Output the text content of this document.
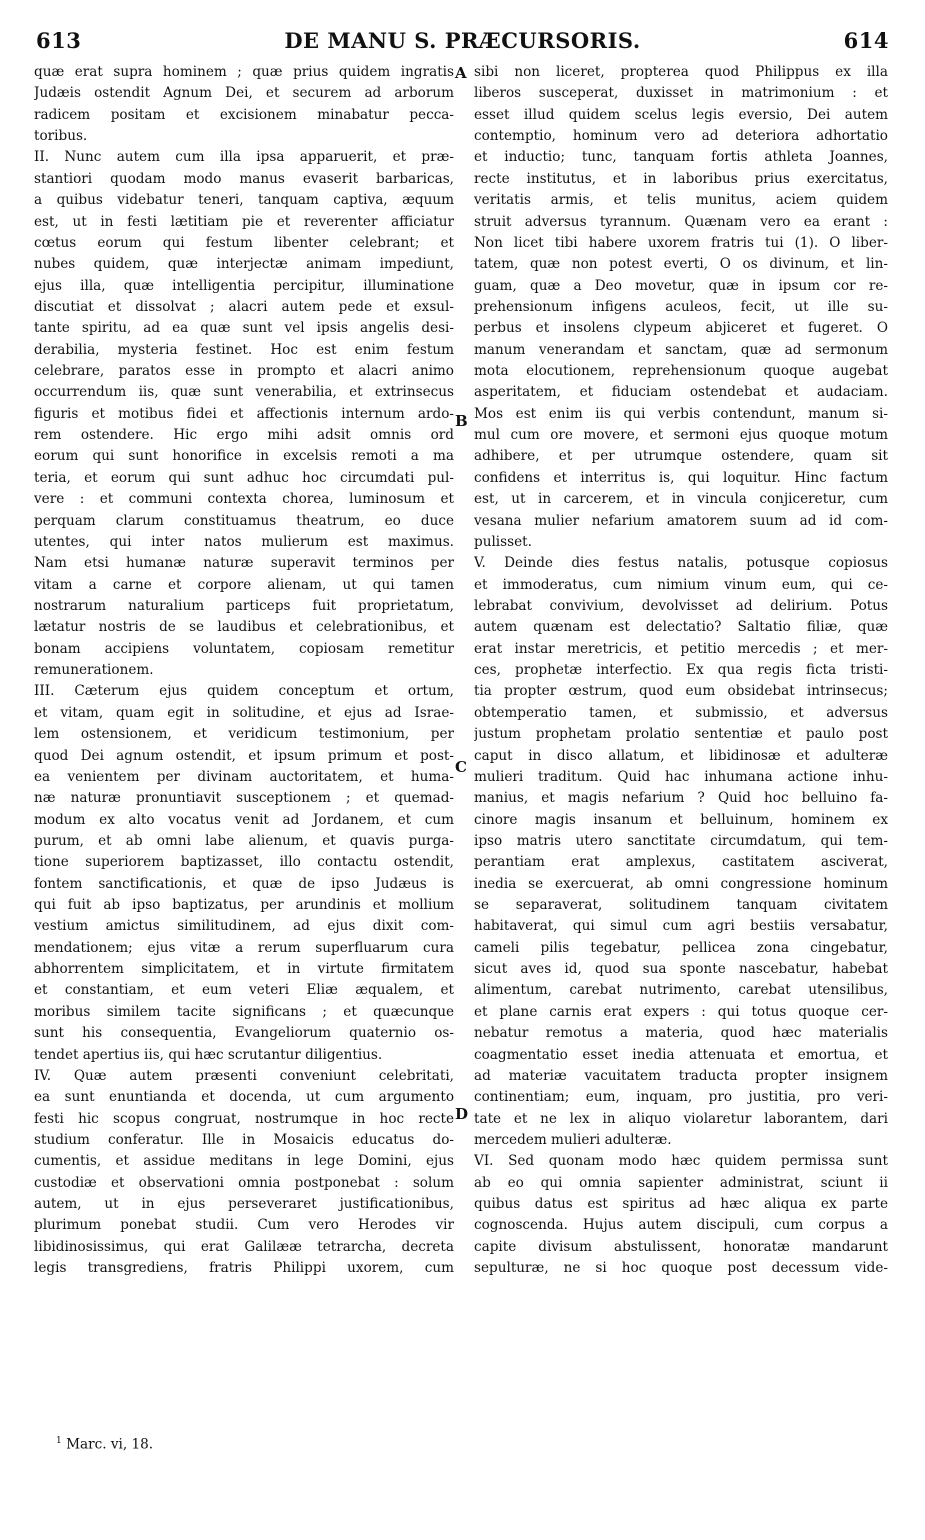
DE MANU S. PRÆCURSORIS.
613	614
quæ erat supra hominem ; quæ prius quidem ingratis
Judæis ostendit Agnum Dei, et securem ad arborum
radicem positam et excisionem minabatur pecca-
toribus.
II. Nunc autem cum illa ipsa apparuerit, et præ-
stantiori quodam modo manus evaserit barbaricas,
a quibus videbatur teneri, tanquam captiva, æquum
est, ut in festi lætitiam pie et reverenter afficiatur
cœtus eorum qui festum libenter celebrant; et
nubes quidem, quæ interjectæ animam impediunt,
ejus illa, quæ intelligentia percipitur, illuminatione
discutiat et dissolvat ; alacri autem pede et exsul-
tante spiritu, ad ea quæ sunt vel ipsis angelis desi-
derabilia, mysteria festinet. Hoc est enim festum
celebrare, paratos esse in prompto et alacri animo
occurrendum iis, quæ sunt venerabilia, et extrinsecus
figuris et motibus fidei et affectionis internum ardo-
rem ostendere. Hic ergo mihi adsit omnis ord
eorum qui sunt honorifice in excelsis remoti a ma
teria, et eorum qui sunt adhuc hoc circumdati pul-
vere : et communi contexta chorea, luminosum et
perquam clarum constituamus theatrum, eo duce
utentes, qui inter natos mulierum est maximus.
Nam etsi humanæ naturæ superavit terminos per
vitam a carne et corpore alienam, ut qui tamen
nostrarum naturalium particeps fuit proprietatum,
lætatur nostris de se laudibus et celebrationibus, et
bonam accipiens voluntatem, copiosam remetitur
remunerationem.
III. Cæterum ejus quidem conceptum et ortum,
et vitam, quam egit in solitudine, et ejus ad Israe-
lem ostensionem, et veridicum testimonium, per
quod Dei agnum ostendit, et ipsum primum et post-
ea venientem per divinam auctoritatem, et huma-
næ naturæ pronuntiavit susceptionem ; et quemad-
modum ex alto vocatus venit ad Jordanem, et cum
purum, et ab omni labe alienum, et quavis purga-
tione superiorem baptizasset, illo contactu ostendit,
fontem sanctificationis, et quæ de ipso Judæus is
qui fuit ab ipso baptizatus, per arundinis et mollium
vestium amictus similitudinem, ad ejus dixit com-
mendationem; ejus vitæ a rerum superfluarum cura
abhorrentem simplicitatem, et in virtute firmitatem
et constantiam, et eum veteri Eliæ æqualem, et
moribus similem tacite significans ; et quæcunque
sunt his consequentia, Evangeliorum quaternio os-
tendet apertius iis, qui hæc scrutantur diligentius.
IV. Quæ autem præsenti conveniunt celebritati,
ea sunt enuntianda et docenda, ut cum argumento
festi hic scopus congruat, nostrumque in hoc recte
studium conferatur. Ille in Mosaicis educatus do-
cumentis, et assidue meditans in lege Domini, ejus
custodiæ et observationi omnia postponebat : solum
autem, ut in ejus perseveraret justificationibus,
plurimum ponebat studii. Cum vero Herodes vir
libidinosissimus, qui erat Galilææ tetrarcha, decreta
legis transgrediens, fratris Philippi uxorem, cum
sibi non liceret, propterea quod Philippus ex illa
liberos susceperat, duxisset in matrimonium : et
esset illud quidem scelus legis eversio, Dei autem
contemptio, hominum vero ad deteriora adhortatio
et inductio; tunc, tanquam fortis athleta Joannes,
recte institutus, et in laboribus prius exercitatus,
veritatis armis, et telis munitus, aciem quidem
struit adversus tyrannum. Quænam vero ea erant :
Non licet tibi habere uxorem fratris tui (1). O liber-
tatem, quæ non potest everti, O os divinum, et lin-
guam, quæ a Deo movetur, quæ in ipsum cor re-
prehensionum infigens aculeos, fecit, ut ille su-
perbus et insolens clypeum abjiceret et fugeret. O
manum venerandam et sanctam, quæ ad sermonum
mota elocutionem, reprehensionum quoque augebat
asperitatem, et fiduciam ostendebat et audaciam.
Mos est enim iis qui verbis contendunt, manum si-
mul cum ore movere, et sermoni ejus quoque motum
adhibere, et per utrumque ostendere, quam sit
confidens et interritus is, qui loquitur. Hinc factum
est, ut in carcerem, et in vincula conjiceretur, cum
vesana mulier nefarium amatorem suum ad id com-
pulisset.
V. Deinde dies festus natalis, potusque copiosus
et immoderatus, cum nimium vinum eum, qui ce-
lebrabat convivium, devolvisset ad delirium. Potus
autem quænam est delectatio? Saltatio filiæ, quæ
erat instar meretricis, et petitio mercedis ; et mer-
ces, prophetæ interfectio. Ex qua regis ficta tristi-
tia propter œstrum, quod eum obsidebat intrinsecus;
obtemperatio tamen, et submissio, et adversus
justum prophetam prolatio sententiæ et paulo post
caput in disco allatum, et libidinosæ et adulteræ
mulieri traditum. Quid hac inhumana actione inhu-
manius, et magis nefarium ? Quid hoc belluino fa-
cinore magis insanum et belluinum, hominem ex
ipso matris utero sanctitate circumdatum, qui tem-
perantiam erat amplexus, castitatem asciverat,
inedia se exercuerat, ab omni congressione hominum
se separaverat, solitudinem tanquam civitatem
habitaverat, qui simul cum agri bestiis versabatur,
cameli pilis tegebatur, pellicea zona cingebatur,
sicut aves id, quod sua sponte nascebatur, habebat
alimentum, carebat nutrimento, carebat utensilibus,
et plane carnis erat expers : qui totus quoque cer-
nebatur remotus a materia, quod hæc materialis
coagmentatio esset inedia attenuata et emortua, et
ad materiæ vacuitatem traducta propter insignem
continentiam; eum, inquam, pro justitia, pro veri-
tate et ne lex in aliquo violaretur laborantem, dari
mercedem mulieri adulteræ.
VI. Sed quonam modo hæc quidem permissa sunt
ab eo qui omnia sapienter administrat, sciunt ii
quibus datus est spiritus ad hæc aliqua ex parte
cognoscenda. Hujus autem discipuli, cum corpus a
capite divisum abstulissent, honoratæ mandarunt
sepulturæ, ne si hoc quoque post decessum vide-
A
B
C
D
$^1$ Marc. vi, 18.
